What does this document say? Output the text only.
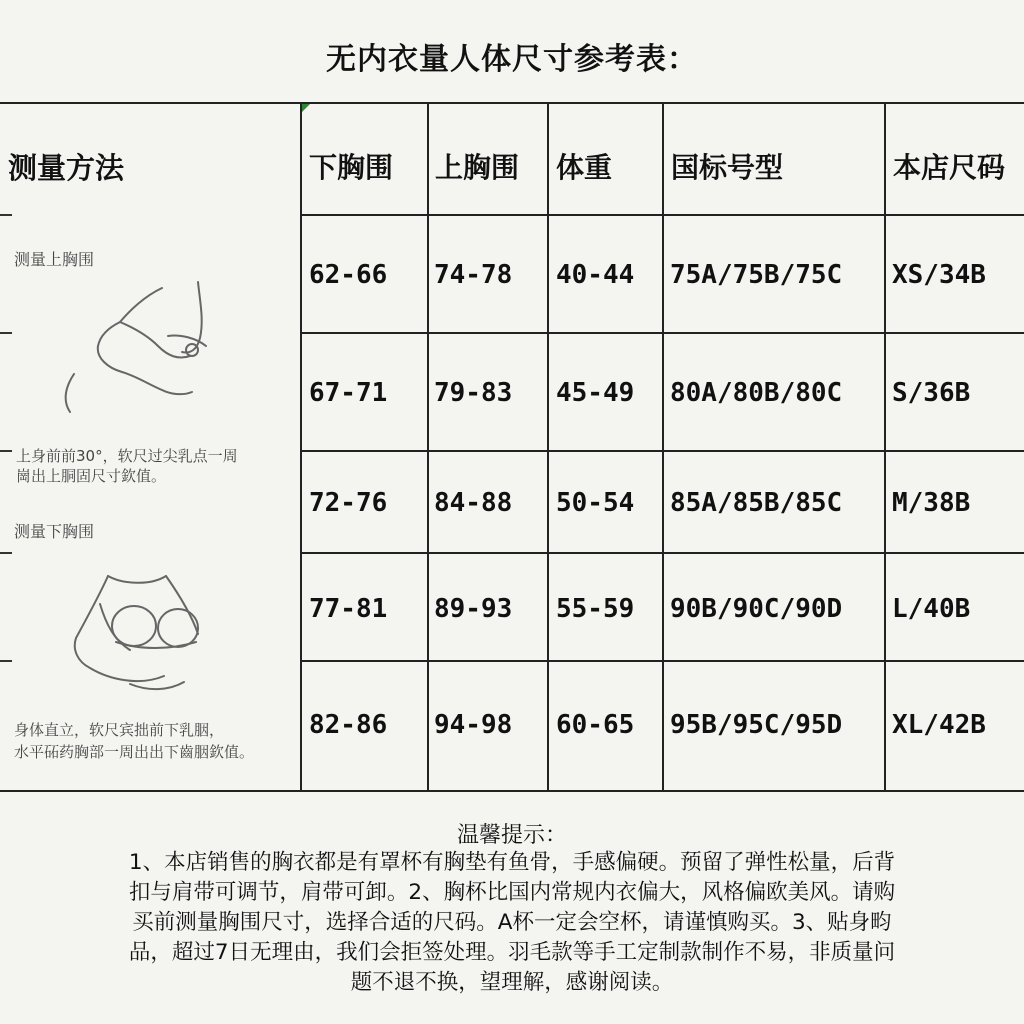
无内衣量人体尺寸参考表：
测量方法
测量上胸围
上身前前30°，软尺过尖乳点一周
崗出上胴固尺寸欽值。
测量下胸围
身体直立，软尺宾拙前下乳胭，
水平砳药胸部一周出出下齒胭欽值。
下胸围 上胸围 体重 国标号型	本店尺码
62-66 74-78 40-44 75A/75B/75C XS/34B
67-71 79-83 45-49 80A/80B/80C S/36B
72-76 84-88 50-54 85A/85B/85C M/38B
77-81 89-93 55-59 90B/90C/90D L/40B
82-86 94-98 60-65 95B/95C/95D XL/42B
温馨提示：
1、本店销售的胸衣都是有罩杯有胸垫有鱼骨，手感偏硬。预留了弹性松量，后背
扣与肩带可调节，肩带可卸。2、胸杯比国内常规内衣偏大，风格偏欧美风。请购
买前测量胸围尺寸，选择合适的尺码。A杯一定会空杯，请谨慎购买。3、贴身畇
品，超过7日无理由，我们会拒签处理。羽毛款等手工定制款制作不易，非质量问
题不退不换，望理解，感谢阅读。
